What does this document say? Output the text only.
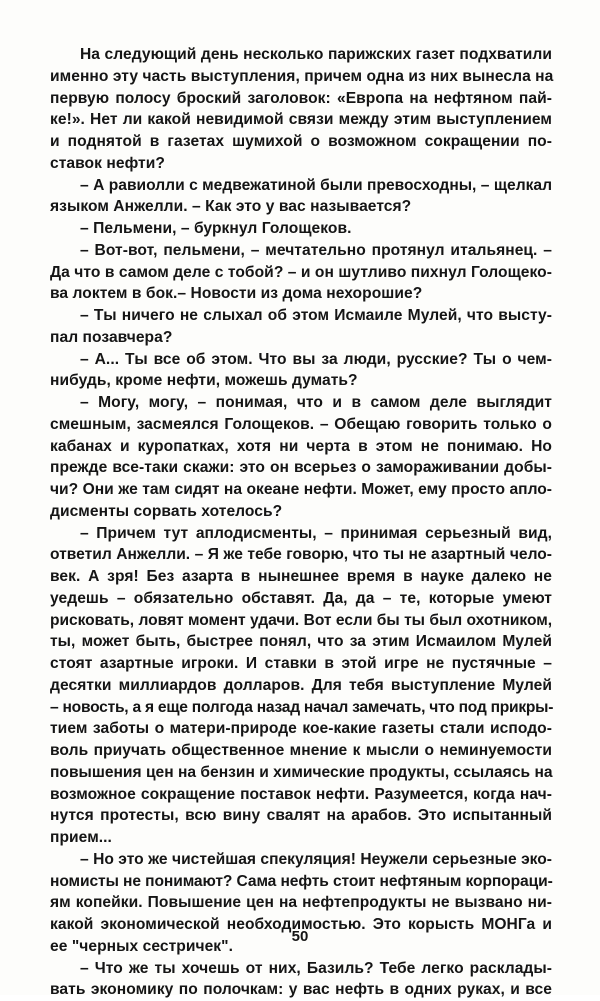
На следующий день несколько парижских газет подхватили
именно эту часть выступления, причем одна из них вынесла на
первую полосу броский заголовок: «Европа на нефтяном пай-
ке!». Нет ли какой невидимой связи между этим выступлением
и поднятой в газетах шумихой о возможном сокращении по-
ставок нефти?
– А равиолли с медвежатиной были превосходны, – щелкал
языком Анжелли. – Как это у вас называется?
– Пельмени, – буркнул Голощеков.
– Вот-вот, пельмени, – мечтательно протянул итальянец. –
Да что в самом деле с тобой? – и он шутливо пихнул Голощеко-
ва локтем в бок.– Новости из дома нехорошие?
– Ты ничего не слыхал об этом Исмаиле Мулей, что высту-
пал позавчера?
– А... Ты все об этом. Что вы за люди, русские? Ты о чем-
нибудь, кроме нефти, можешь думать?
– Могу, могу, – понимая, что и в самом деле выглядит
смешным, засмеялся Голощеков. – Обещаю говорить только о
кабанах и куропатках, хотя ни черта в этом не понимаю. Но
прежде все-таки скажи: это он всерьез о замораживании добы-
чи? Они же там сидят на океане нефти. Может, ему просто апло-
дисменты сорвать хотелось?
– Причем тут аплодисменты, – принимая серьезный вид,
ответил Анжелли. – Я же тебе говорю, что ты не азартный чело-
век. А зря! Без азарта в нынешнее время в науке далеко не
уедешь – обязательно обставят. Да, да – те, которые умеют
рисковать, ловят момент удачи. Вот если бы ты был охотником,
ты, может быть, быстрее понял, что за этим Исмаилом Мулей
стоят азартные игроки. И ставки в этой игре не пустячные –
десятки миллиардов долларов. Для тебя выступление Мулей
– новость, а я еще полгода назад начал замечать, что под прикры-
тием заботы о матери-природе кое-какие газеты стали исподо-
воль приучать общественное мнение к мысли о неминуемости
повышения цен на бензин и химические продукты, ссылаясь на
возможное сокращение поставок нефти. Разумеется, когда нач-
нутся протесты, всю вину свалят на арабов. Это испытанный
прием...
– Но это же чистейшая спекуляция! Неужели серьезные эко-
номисты не понимают? Сама нефть стоит нефтяным корпораци-
ям копейки. Повышение цен на нефтепродукты не вызвано ни-
какой экономической необходимостью. Это корысть МОНГа и
ее "черных сестричек".
– Что же ты хочешь от них, Базиль? Тебе легко расклады-
вать экономику по полочкам: у вас нефть в одних руках, и все
50
